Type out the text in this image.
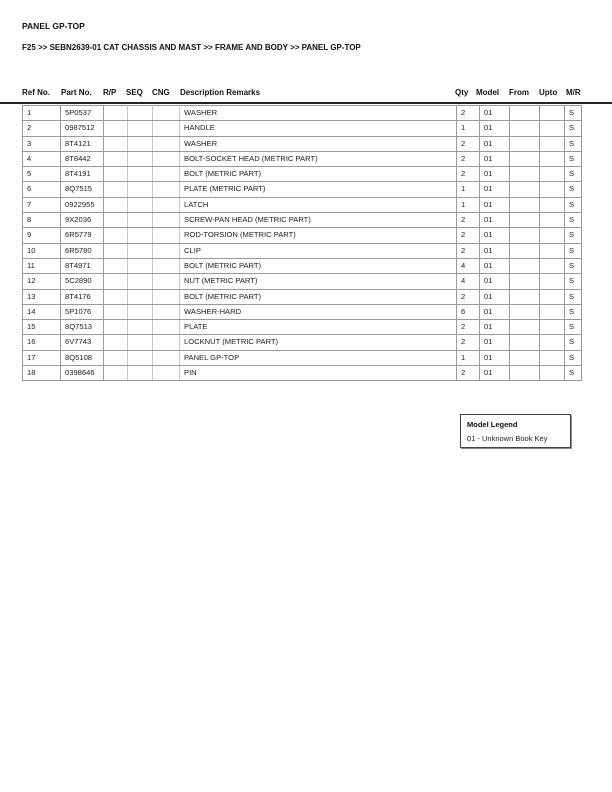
PANEL GP-TOP
F25 >> SEBN2639-01 CAT CHASSIS AND MAST >> FRAME AND BODY >> PANEL GP-TOP
Ref No. Part No. R/P SEQ CNG Description Remarks	Qty Model From Upto M/R
1	5P0537				WASHER	2	01			S
2	0987512				HANDLE	1	01			S
3	8T4121				WASHER	2	01			S
4	8T8442				BOLT-SOCKET HEAD (METRIC PART)	2	01			S
5	8T4191				BOLT (METRIC PART)	2	01			S
6	8Q7515				PLATE (METRIC PART)	1	01			S
7	0922955				LATCH	1	01			S
8	9X2036				SCREW-PAN HEAD (METRIC PART)	2	01			S
9	6R5779				ROD-TORSION (METRIC PART)	2	01			S
10	6R5780				CLIP	2	01			S
11	8T4971				BOLT (METRIC PART)	4	01			S
12	5C2890				NUT (METRIC PART)	4	01			S
13	8T4176				BOLT (METRIC PART)	2	01			S
14	5P1076				WASHER-HARD	6	01			S
15	8Q7513				PLATE	2	01			S
16	6V7743				LOCKNUT (METRIC PART)	2	01			S
17	8Q5108				PANEL GP-TOP	1	01			S
18	0398646				PIN	2	01			S
Model Legend
01 - Unknown Book Key
